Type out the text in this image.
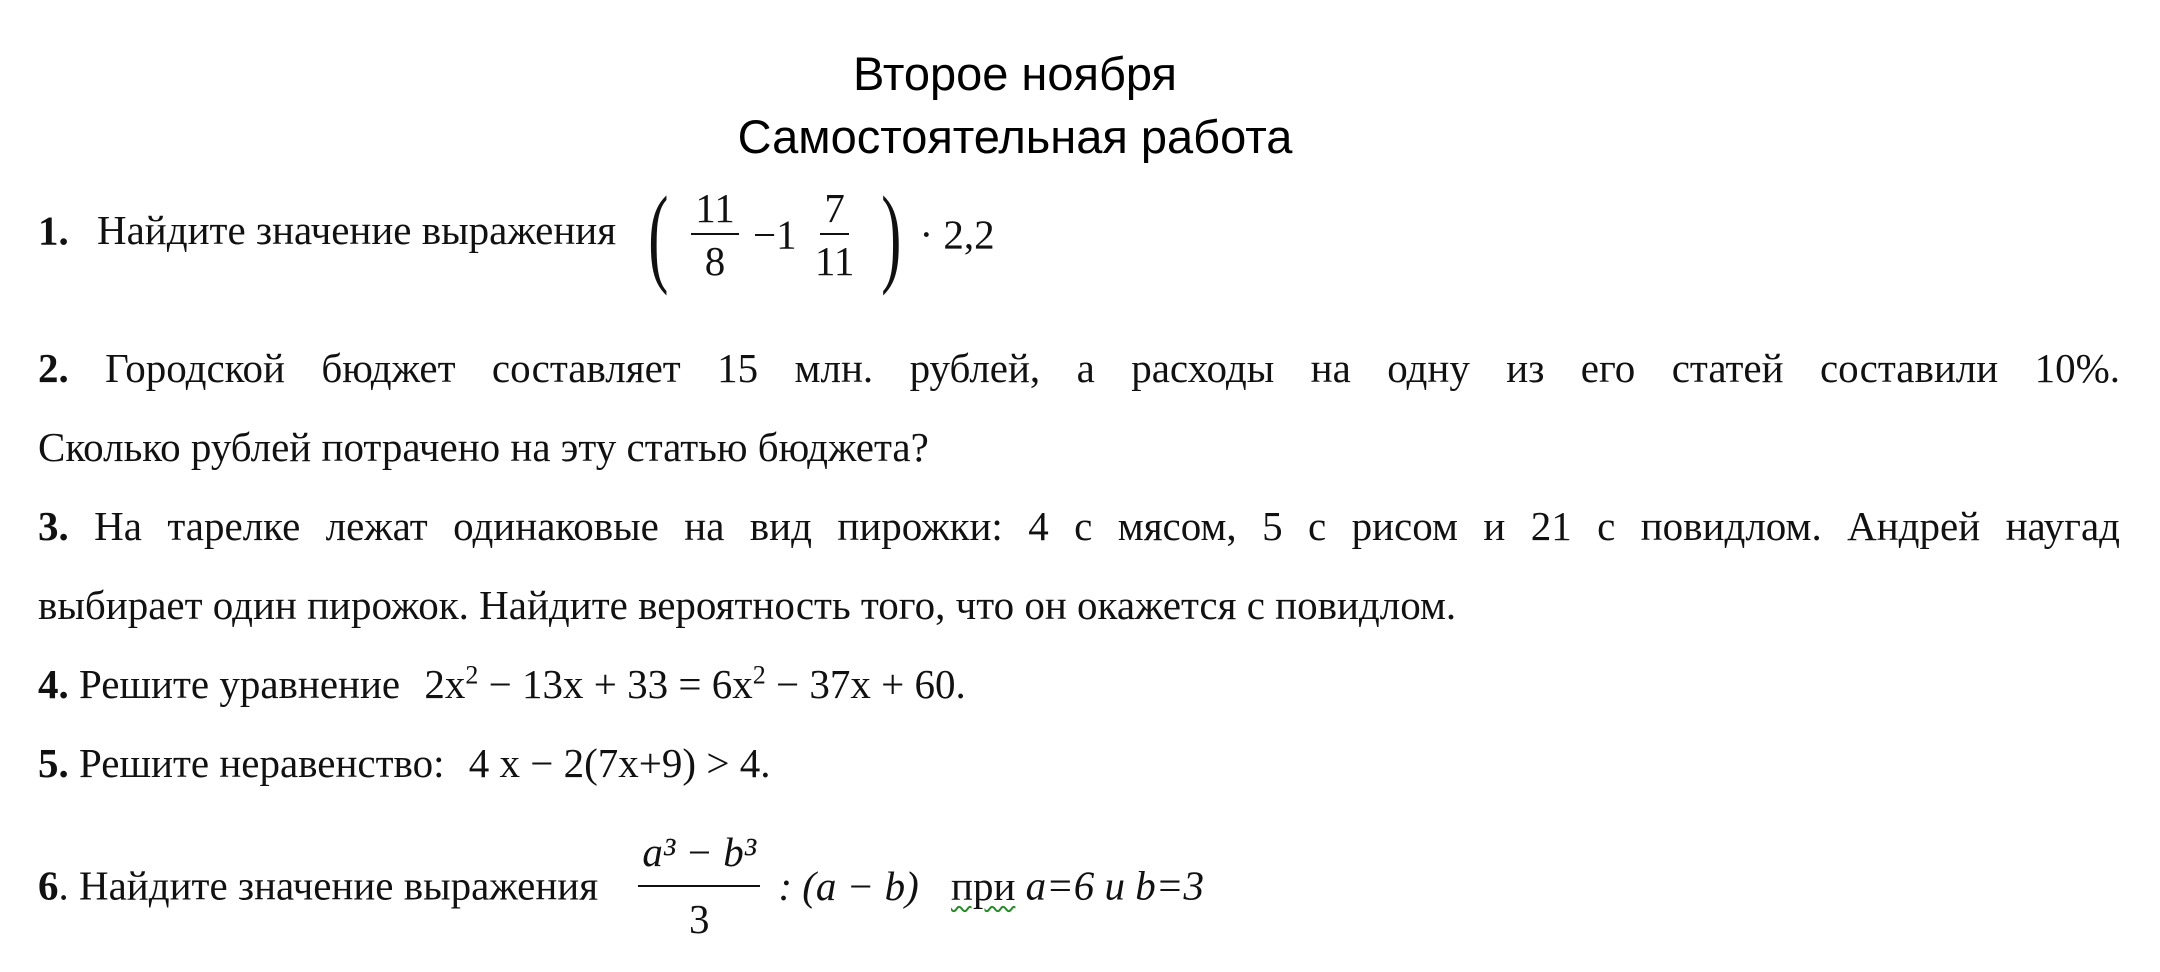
Второе ноября
Самостоятельная работа
1. Найдите значение выражения ( $\frac{11}{8} -1 \frac{7}{11}$ ) · 2,2
2. Городской бюджет составляет 15 млн. рублей, а расходы на одну из его статей составили 10%.
Сколько рублей потрачено на эту статью бюджета?
3. На тарелке лежат одинаковые на вид пирожки: 4 с мясом, 5 с рисом и 21 с повидлом. Андрей наугад
выбирает один пирожок. Найдите вероятность того, что он окажется с повидлом.
4. Решите уравнение $2x^2 - 13x + 33 = 6x^2 - 37x + 60$.
5. Решите неравенство: 4 x − 2(7x+9) > 4.
6. Найдите значение выражения $\frac{\text{a³ − b³}}{3}$ : (a − b) при a=6 и b=3
